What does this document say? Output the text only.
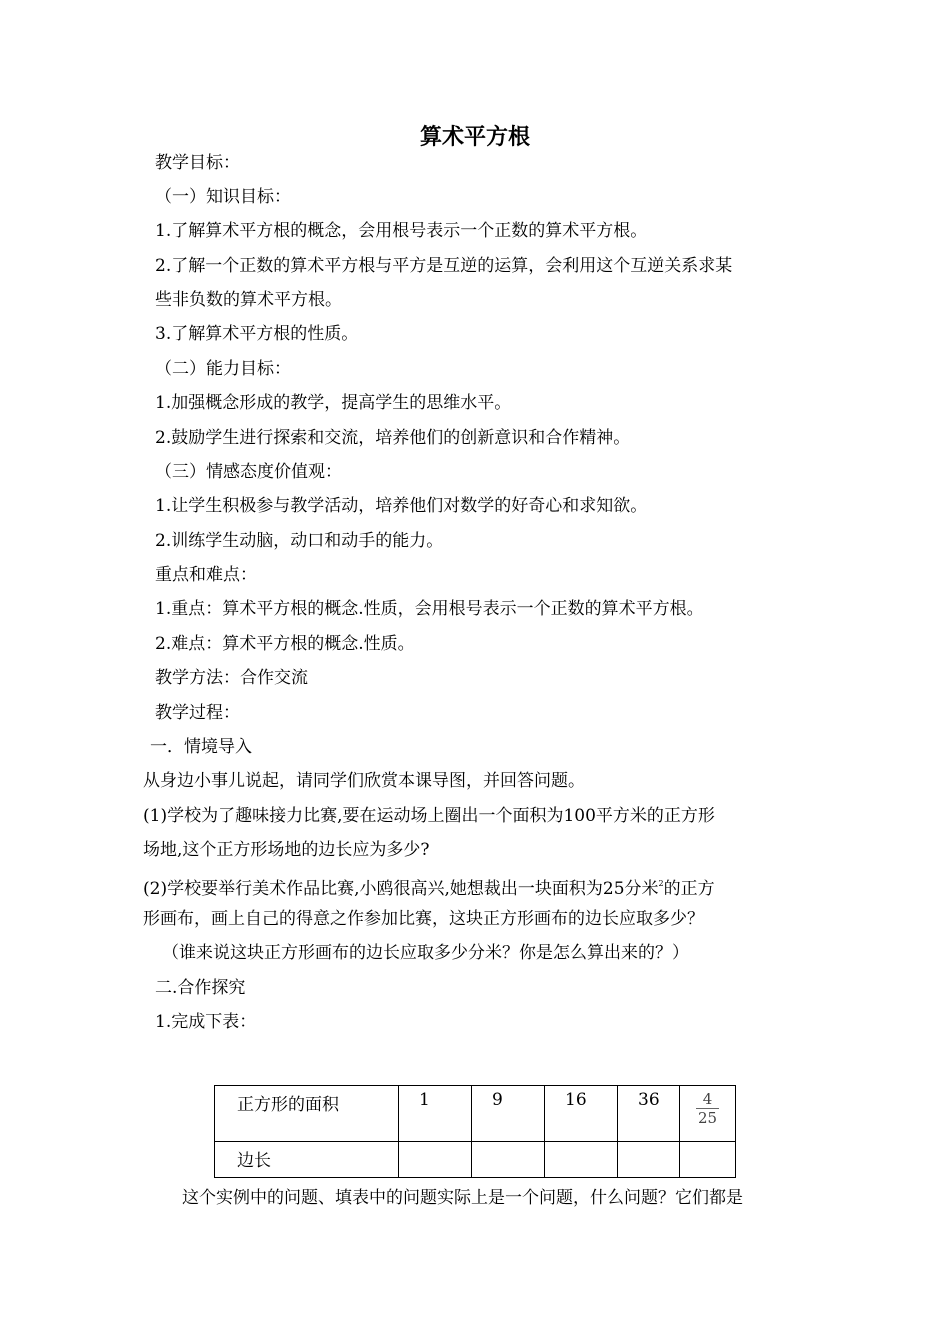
算术平方根
教学目标：
（一）知识目标：
1.了解算术平方根的概念，会用根号表示一个正数的算术平方根。
2.了解一个正数的算术平方根与平方是互逆的运算，会利用这个互逆关系求某
些非负数的算术平方根。
3.了解算术平方根的性质。
（二）能力目标：
1.加强概念形成的教学，提高学生的思维水平。
2.鼓励学生进行探索和交流，培养他们的创新意识和合作精神。
（三）情感态度价值观：
1.让学生积极参与教学活动，培养他们对数学的好奇心和求知欲。
2.训练学生动脑，动口和动手的能力。
重点和难点：
1.重点：算术平方根的概念.性质，会用根号表示一个正数的算术平方根。
2.难点：算术平方根的概念.性质。
教学方法：合作交流
教学过程：
一．情境导入
从身边小事儿说起，请同学们欣赏本课导图，并回答问题。
(1)学校为了趣味接力比赛,要在运动场上圈出一个面积为100平方米的正方形
场地,这个正方形场地的边长应为多少?
(2)学校要举行美术作品比赛,小鸥很高兴,她想裁出一块面积为25分米$^2$的正方
形画布，画上自己的得意之作参加比赛，这块正方形画布的边长应取多少？
（谁来说这块正方形画布的边长应取多少分米？你是怎么算出来的？）
二.合作探究
1.完成下表：
正方形的面积	1	9	16	36	$\frac{4}{25}$

边长					
这个实例中的问题、填表中的问题实际上是一个问题，什么问题？它们都是
